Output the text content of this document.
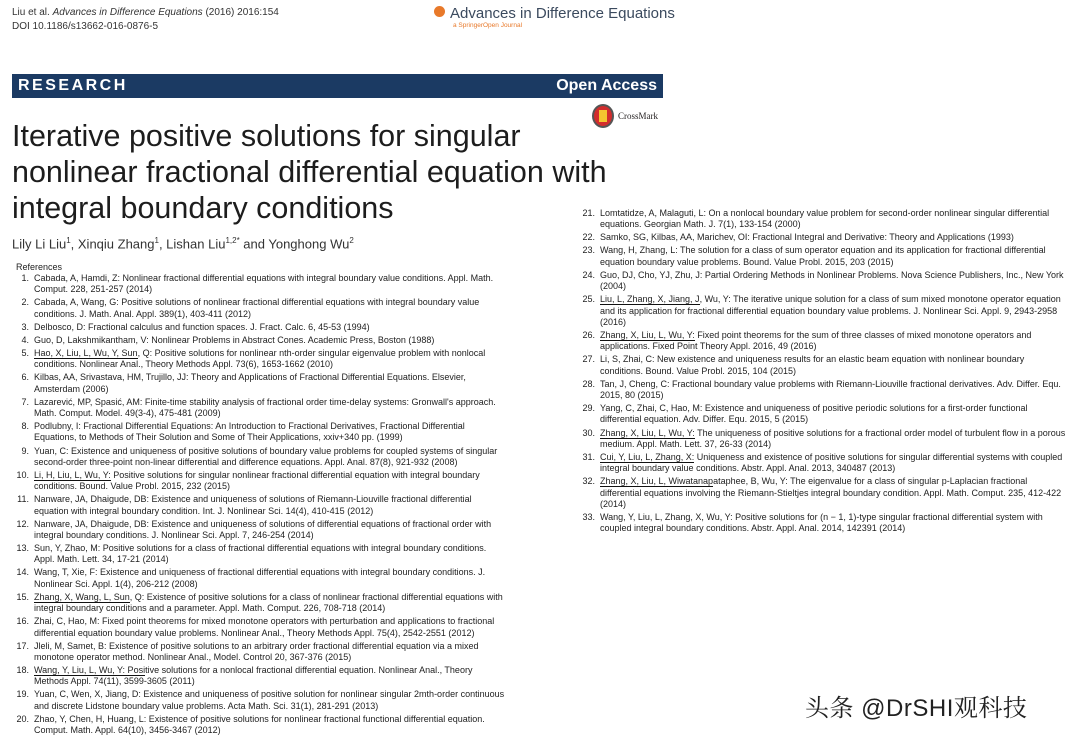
Liu et al. Advances in Difference Equations (2016) 2016:154
DOI 10.1186/s13662-016-0876-5
Advances in Difference Equations
a SpringerOpen Journal
RESEARCH	Open Access
CrossMark
Iterative positive solutions for singular nonlinear fractional differential equation with integral boundary conditions
Lily Li Liu$^1$, Xinqiu Zhang$^1$, Lishan Liu$^{1,2*}$ and Yonghong Wu$^2$
References
1. Cabada, A, Hamdi, Z: Nonlinear fractional differential equations with integral boundary value conditions. Appl. Math. Comput. 228, 251-257 (2014)
2. Cabada, A, Wang, G: Positive solutions of nonlinear fractional differential equations with integral boundary value conditions. J. Math. Anal. Appl. 389(1), 403-411 (2012)
3. Delbosco, D: Fractional calculus and function spaces. J. Fract. Calc. 6, 45-53 (1994)
4. Guo, D, Lakshmikantham, V: Nonlinear Problems in Abstract Cones. Academic Press, Boston (1988)
5. Hao, X, Liu, L, Wu, Y, Sun, Q: Positive solutions for nonlinear nth-order singular eigenvalue problem with nonlocal conditions. Nonlinear Anal., Theory Methods Appl. 73(6), 1653-1662 (2010)
6. Kilbas, AA, Srivastava, HM, Trujillo, JJ: Theory and Applications of Fractional Differential Equations. Elsevier, Amsterdam (2006)
7. Lazarević, MP, Spasić, AM: Finite-time stability analysis of fractional order time-delay systems: Gronwall's approach. Math. Comput. Model. 49(3-4), 475-481 (2009)
8. Podlubny, I: Fractional Differential Equations: An Introduction to Fractional Derivatives, Fractional Differential Equations, to Methods of Their Solution and Some of Their Applications, xxiv+340 pp. (1999)
9. Yuan, C: Existence and uniqueness of positive solutions of boundary value problems for coupled systems of singular second-order three-point non-linear differential and difference equations. Appl. Anal. 87(8), 921-932 (2008)
10. Li, H, Liu, L, Wu, Y: Positive solutions for singular nonlinear fractional differential equation with integral boundary conditions. Bound. Value Probl. 2015, 232 (2015)
11. Nanware, JA, Dhaigude, DB: Existence and uniqueness of solutions of Riemann-Liouville fractional differential equation with integral boundary condition. Int. J. Nonlinear Sci. 14(4), 410-415 (2012)
12. Nanware, JA, Dhaigude, DB: Existence and uniqueness of solutions of differential equations of fractional order with integral boundary conditions. J. Nonlinear Sci. Appl. 7, 246-254 (2014)
13. Sun, Y, Zhao, M: Positive solutions for a class of fractional differential equations with integral boundary conditions. Appl. Math. Lett. 34, 17-21 (2014)
14. Wang, T, Xie, F: Existence and uniqueness of fractional differential equations with integral boundary conditions. J. Nonlinear Sci. Appl. 1(4), 206-212 (2008)
15. Zhang, X, Wang, L, Sun, Q: Existence of positive solutions for a class of nonlinear fractional differential equations with integral boundary conditions and a parameter. Appl. Math. Comput. 226, 708-718 (2014)
16. Zhai, C, Hao, M: Fixed point theorems for mixed monotone operators with perturbation and applications to fractional differential equation boundary value problems. Nonlinear Anal., Theory Methods Appl. 75(4), 2542-2551 (2012)
17. Jleli, M, Samet, B: Existence of positive solutions to an arbitrary order fractional differential equation via a mixed monotone operator method. Nonlinear Anal., Model. Control 20, 367-376 (2015)
18. Wang, Y, Liu, L, Wu, Y: Positive solutions for a nonlocal fractional differential equation. Nonlinear Anal., Theory Methods Appl. 74(11), 3599-3605 (2011)
19. Yuan, C, Wen, X, Jiang, D: Existence and uniqueness of positive solution for nonlinear singular 2mth-order continuous and discrete Lidstone boundary value problems. Acta Math. Sci. 31(1), 281-291 (2013)
20. Zhao, Y, Chen, H, Huang, L: Existence of positive solutions for nonlinear fractional functional differential equation. Comput. Math. Appl. 64(10), 3456-3467 (2012)
21. Lomtatidze, A, Malaguti, L: On a nonlocal boundary value problem for second-order nonlinear singular differential equations. Georgian Math. J. 7(1), 133-154 (2000)
22. Samko, SG, Kilbas, AA, Marichev, OI: Fractional Integral and Derivative: Theory and Applications (1993)
23. Wang, H, Zhang, L: The solution for a class of sum operator equation and its application for fractional differential equation boundary value problems. Bound. Value Probl. 2015, 203 (2015)
24. Guo, DJ, Cho, YJ, Zhu, J: Partial Ordering Methods in Nonlinear Problems. Nova Science Publishers, Inc., New York (2004)
25. Liu, L, Zhang, X, Jiang, J, Wu, Y: The iterative unique solution for a class of sum mixed monotone operator equation and its application for fractional differential equation boundary value problems. J. Nonlinear Sci. Appl. 9, 2943-2958 (2016)
26. Zhang, X, Liu, L, Wu, Y: Fixed point theorems for the sum of three classes of mixed monotone operators and applications. Fixed Point Theory Appl. 2016, 49 (2016)
27. Li, S, Zhai, C: New existence and uniqueness results for an elastic beam equation with nonlinear boundary conditions. Bound. Value Probl. 2015, 104 (2015)
28. Tan, J, Cheng, C: Fractional boundary value problems with Riemann-Liouville fractional derivatives. Adv. Differ. Equ. 2015, 80 (2015)
29. Yang, C, Zhai, C, Hao, M: Existence and uniqueness of positive periodic solutions for a first-order functional differential equation. Adv. Differ. Equ. 2015, 5 (2015)
30. Zhang, X, Liu, L, Wu, Y: The uniqueness of positive solutions for a fractional order model of turbulent flow in a porous medium. Appl. Math. Lett. 37, 26-33 (2014)
31. Cui, Y, Liu, L, Zhang, X: Uniqueness and existence of positive solutions for singular differential systems with coupled integral boundary value conditions. Abstr. Appl. Anal. 2013, 340487 (2013)
32. Zhang, X, Liu, L, Wiwatanapataphee, B, Wu, Y: The eigenvalue for a class of singular p-Laplacian fractional differential equations involving the Riemann-Stieltjes integral boundary condition. Appl. Math. Comput. 235, 412-422 (2014)
33. Wang, Y, Liu, L, Zhang, X, Wu, Y: Positive solutions for (n − 1, 1)-type singular fractional differential system with coupled integral boundary conditions. Abstr. Appl. Anal. 2014, 142391 (2014)
头条 @DrSHI观科技
